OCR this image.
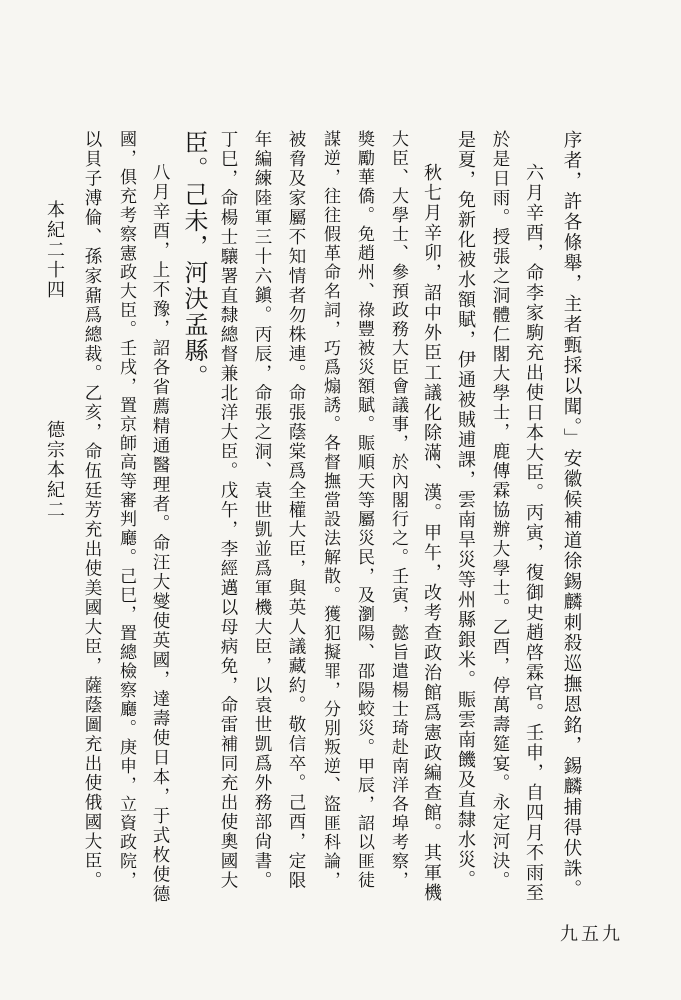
序者，許各條舉，主者甄採以聞。」安徽候補道徐錫麟刺殺巡撫恩銘，錫麟捕得伏誅。
六月辛酉，命李家駒充出使日本大臣。丙寅，復御史趙啓霖官。壬申，自四月不雨至
於是日雨。授張之洞體仁閣大學士，鹿傳霖協辦大學士。乙酉，停萬壽筵宴。永定河決。
是夏，免新化被水額賦，伊通被賊逋課，雲南旱災等州縣銀米。賑雲南饑及直隸水災。
秋七月辛卯，詔中外臣工議化除滿、漢。甲午，改考查政治館爲憲政編查館。其軍機
大臣、大學士、參預政務大臣會議事，於內閣行之。壬寅，懿旨遣楊士琦赴南洋各埠考察，
獎勵華僑。免趙州、祿豐被災額賦。賑順天等屬災民，及瀏陽、邵陽蛟災。甲辰，詔以匪徒
謀逆，往往假革命名詞，巧爲煽誘。各督撫當設法解散。獲犯擬罪，分別叛逆、盜匪科論，
被脅及家屬不知情者勿株連。命張蔭棠爲全權大臣，與英人議藏約。敬信卒。己酉，定限
年編練陸軍三十六鎭。丙辰，命張之洞、袁世凱並爲軍機大臣，以袁世凱爲外務部尙書。
丁巳，命楊士驤署直隸總督兼北洋大臣。戊午，李經邁以母病免，命雷補同充出使奧國大
臣。己未，河決孟縣。
八月辛酉，上不豫，詔各省薦精通醫理者。命汪大燮使英國，達壽使日本，于式枚使德
國，俱充考察憲政大臣。壬戌，置京師高等審判廳。己巳，置總檢察廳。庚申，立資政院，
以貝子溥倫、孫家鼐爲總裁。乙亥，命伍廷芳充出使美國大臣，薩蔭圖充出使俄國大臣。
本紀二十四
德宗本紀二
九五九
